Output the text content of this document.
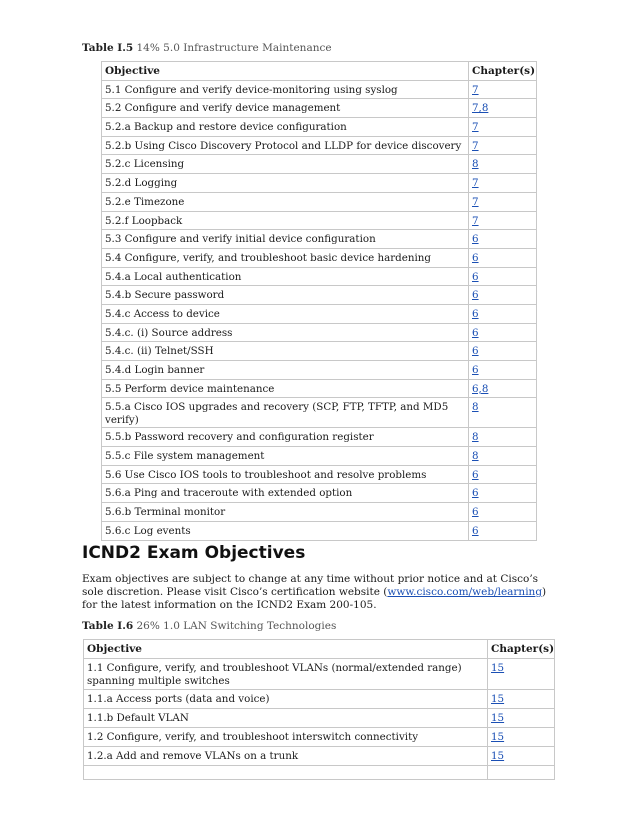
Table I.5 14% 5.0 Infrastructure Maintenance
Objective	Chapter(s)
5.1 Configure and verify device-monitoring using syslog	7
5.2 Configure and verify device management	7,8
5.2.a Backup and restore device configuration	7
5.2.b Using Cisco Discovery Protocol and LLDP for device discovery	7
5.2.c Licensing	8
5.2.d Logging	7
5.2.e Timezone	7
5.2.f Loopback	7
5.3 Configure and verify initial device configuration	6
5.4 Configure, verify, and troubleshoot basic device hardening	6
5.4.a Local authentication	6
5.4.b Secure password	6
5.4.c Access to device	6
5.4.c. (i) Source address	6
5.4.c. (ii) Telnet/SSH	6
5.4.d Login banner	6
5.5 Perform device maintenance	6,8
5.5.a Cisco IOS upgrades and recovery (SCP, FTP, TFTP, and MD5 verify)	8
5.5.b Password recovery and configuration register	8
5.5.c File system management	8
5.6 Use Cisco IOS tools to troubleshoot and resolve problems	6
5.6.a Ping and traceroute with extended option	6
5.6.b Terminal monitor	6
5.6.c Log events	6
ICND2 Exam Objectives
Exam objectives are subject to change at any time without prior notice and at Cisco’s sole discretion. Please visit Cisco’s certification website (www.cisco.com/web/learning) for the latest information on the ICND2 Exam 200-105.
Table I.6 26% 1.0 LAN Switching Technologies
Objective	Chapter(s)
1.1 Configure, verify, and troubleshoot VLANs (normal/extended range) spanning multiple switches	15
1.1.a Access ports (data and voice)	15
1.1.b Default VLAN	15
1.2 Configure, verify, and troubleshoot interswitch connectivity	15
1.2.a Add and remove VLANs on a trunk	15
